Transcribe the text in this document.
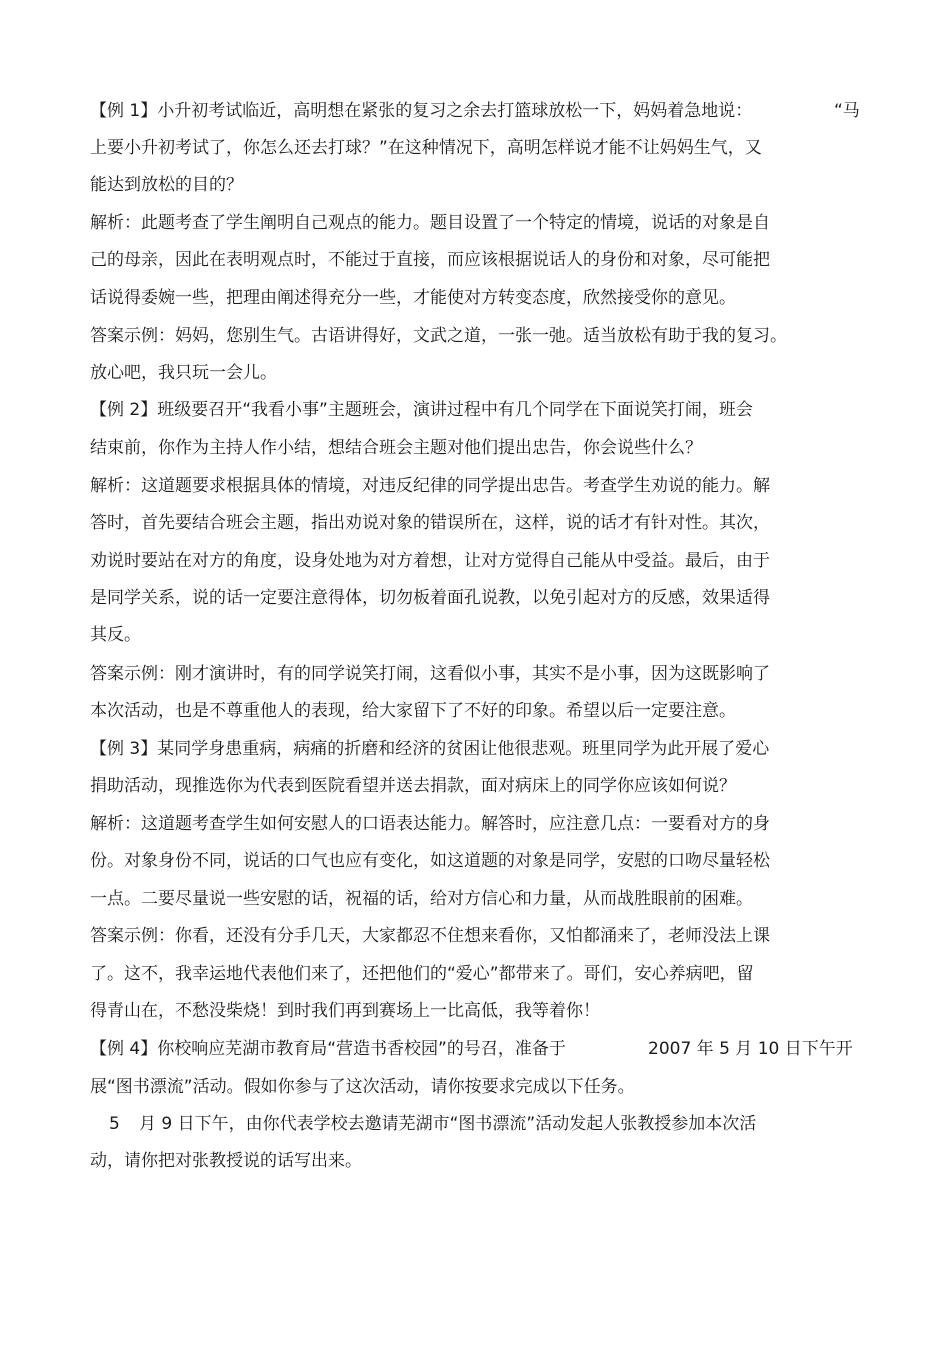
【例 1】小升初考试临近，高明想在紧张的复习之余去打篮球放松一下，妈妈着急地说：	“马
上要小升初考试了，你怎么还去打球？”在这种情况下，高明怎样说才能不让妈妈生气，又
能达到放松的目的？
解析：此题考查了学生阐明自己观点的能力。题目设置了一个特定的情境，说话的对象是自
己的母亲，因此在表明观点时，不能过于直接，而应该根据说话人的身份和对象，尽可能把
话说得委婉一些，把理由阐述得充分一些，才能使对方转变态度，欣然接受你的意见。
答案示例：妈妈，您别生气。古语讲得好，文武之道，一张一弛。适当放松有助于我的复习。
放心吧，我只玩一会儿。
【例 2】班级要召开“我看小事”主题班会，演讲过程中有几个同学在下面说笑打闹，班会
结束前，你作为主持人作小结，想结合班会主题对他们提出忠告，你会说些什么？
解析：这道题要求根据具体的情境，对违反纪律的同学提出忠告。考查学生劝说的能力。解
答时，首先要结合班会主题，指出劝说对象的错误所在，这样，说的话才有针对性。其次，
劝说时要站在对方的角度，设身处地为对方着想，让对方觉得自己能从中受益。最后，由于
是同学关系，说的话一定要注意得体，切勿板着面孔说教，以免引起对方的反感，效果适得
其反。
答案示例：刚才演讲时，有的同学说笑打闹，这看似小事，其实不是小事，因为这既影响了
本次活动，也是不尊重他人的表现，给大家留下了不好的印象。希望以后一定要注意。
【例 3】某同学身患重病，病痛的折磨和经济的贫困让他很悲观。班里同学为此开展了爱心
捐助活动，现推选你为代表到医院看望并送去捐款，面对病床上的同学你应该如何说？
解析：这道题考查学生如何安慰人的口语表达能力。解答时，应注意几点：一要看对方的身
份。对象身份不同，说话的口气也应有变化，如这道题的对象是同学，安慰的口吻尽量轻松
一点。二要尽量说一些安慰的话，祝福的话，给对方信心和力量，从而战胜眼前的困难。
答案示例：你看，还没有分手几天，大家都忍不住想来看你，又怕都涌来了，老师没法上课
了。这不，我幸运地代表他们来了，还把他们的“爱心”都带来了。哥们，安心养病吧，留
得青山在，不愁没柴烧！到时我们再到赛场上一比高低，我等着你！
【例 4】你校响应芜湖市教育局“营造书香校园”的号召，准备于	2007 年 5 月 10 日下午开
展“图书漂流”活动。假如你参与了这次活动，请你按要求完成以下任务。
5 月 9 日下午，由你代表学校去邀请芜湖市“图书漂流”活动发起人张教授参加本次活
动，请你把对张教授说的话写出来。
